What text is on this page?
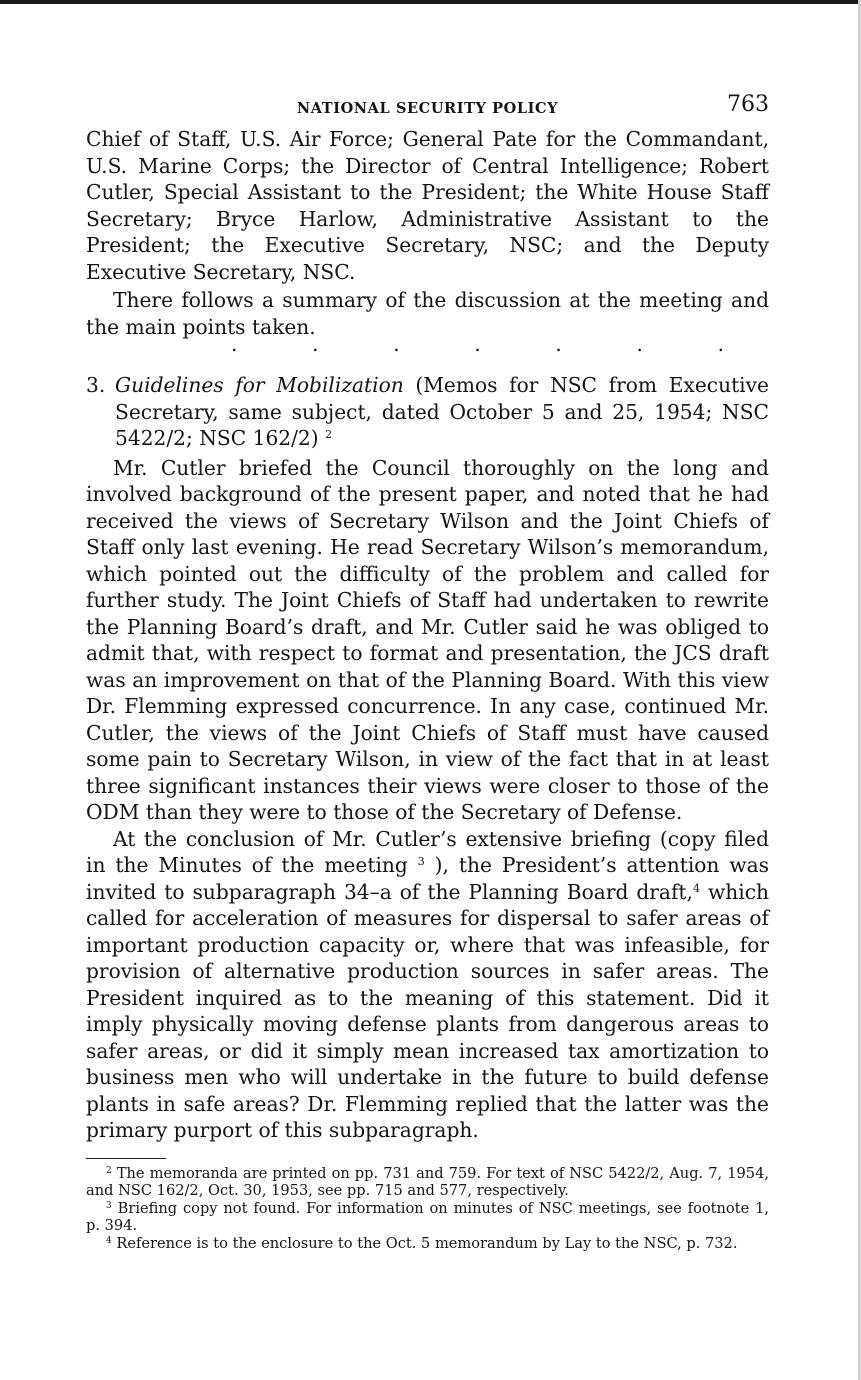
NATIONAL SECURITY POLICY	763

Chief of Staff, U.S. Air Force; General Pate for the Commandant, U.S. Marine Corps; the Director of Central Intelligence; Robert Cutler, Special Assistant to the President; the White House Staff Secretary; Bryce Harlow, Administrative Assistant to the President; the Executive Secretary, NSC; and the Deputy Executive Secretary, NSC.

There follows a summary of the discussion at the meeting and the main points taken.

.	.	.	.	.	.	.
3. Guidelines for Mobilization (Memos for NSC from Executive Secretary, same subject, dated October 5 and 25, 1954; NSC 5422/2; NSC 162/2) $^2$

Mr. Cutler briefed the Council thoroughly on the long and involved background of the present paper, and noted that he had received the views of Secretary Wilson and the Joint Chiefs of Staff only last evening. He read Secretary Wilson’s memorandum, which pointed out the difficulty of the problem and called for further study. The Joint Chiefs of Staff had undertaken to rewrite the Planning Board’s draft, and Mr. Cutler said he was obliged to admit that, with respect to format and presentation, the JCS draft was an improvement on that of the Planning Board. With this view Dr. Flemming expressed concurrence. In any case, continued Mr. Cutler, the views of the Joint Chiefs of Staff must have caused some pain to Secretary Wilson, in view of the fact that in at least three significant instances their views were closer to those of the ODM than they were to those of the Secretary of Defense.

At the conclusion of Mr. Cutler’s extensive briefing (copy filed in the Minutes of the meeting $^3$ ), the President’s attention was invited to subparagraph 34–a of the Planning Board draft,$^4$ which called for acceleration of measures for dispersal to safer areas of important production capacity or, where that was infeasible, for provision of alternative production sources in safer areas. The President inquired as to the meaning of this statement. Did it imply physically moving defense plants from dangerous areas to safer areas, or did it simply mean increased tax amortization to business men who will undertake in the future to build defense plants in safe areas? Dr. Flemming replied that the latter was the primary purport of this subparagraph.

$^2$ The memoranda are printed on pp. 731 and 759. For text of NSC 5422/2, Aug. 7, 1954, and NSC 162/2, Oct. 30, 1953, see pp. 715 and 577, respectively.

$^3$ Briefing copy not found. For information on minutes of NSC meetings, see footnote 1, p. 394.

$^4$ Reference is to the enclosure to the Oct. 5 memorandum by Lay to the NSC, p. 732.
